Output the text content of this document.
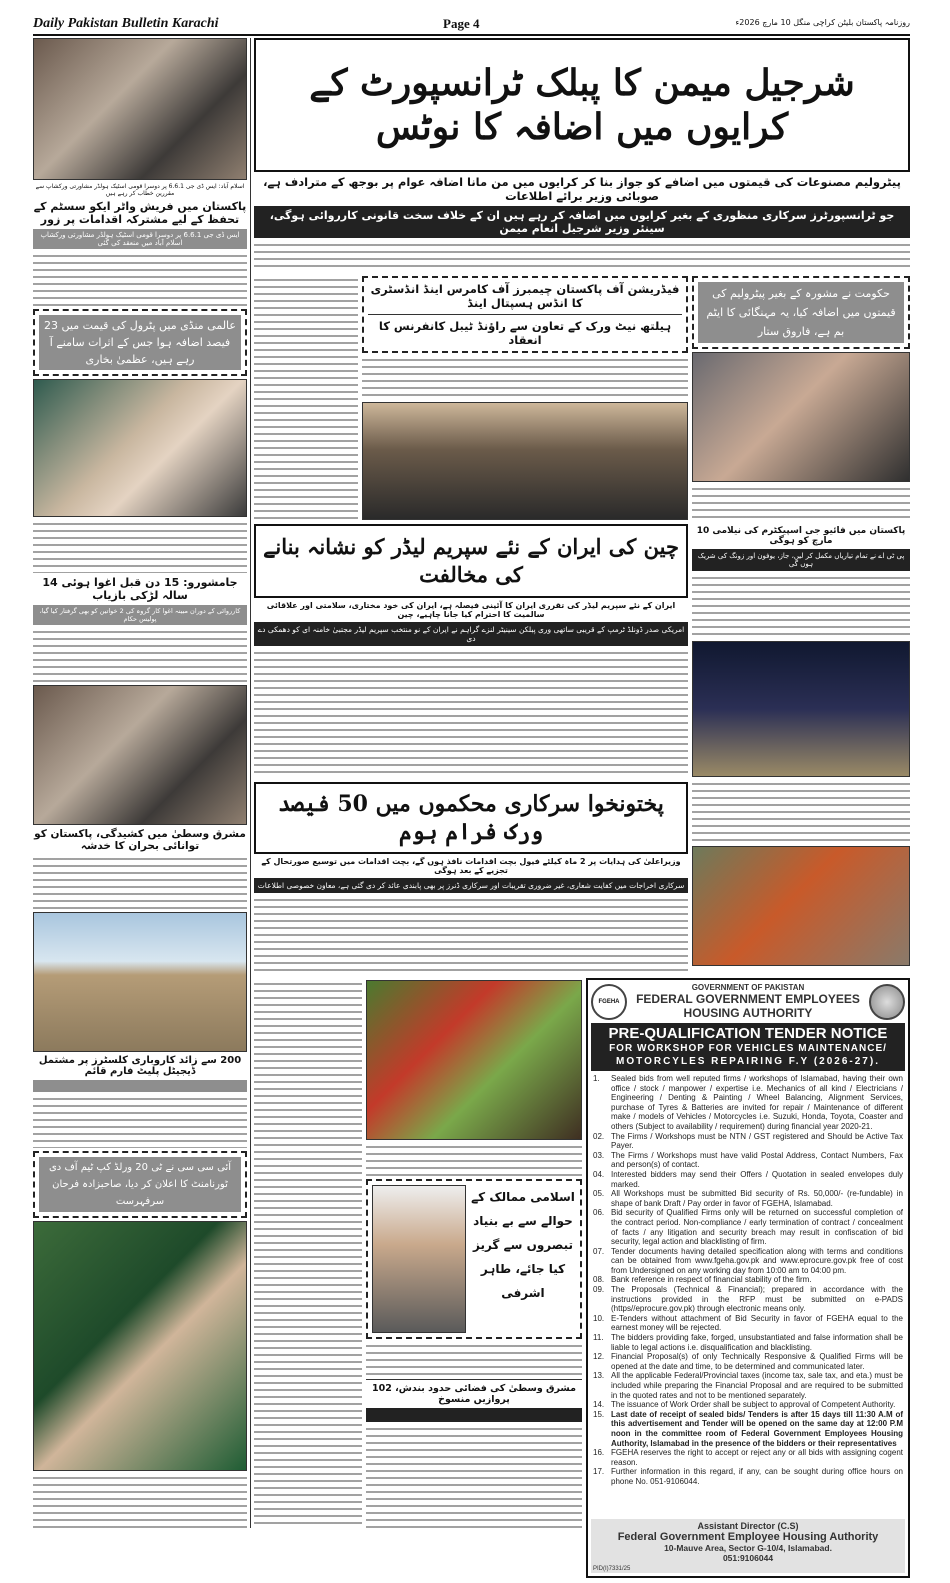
Daily Pakistan Bulletin Karachi	Page 4	روزنامہ پاکستان بلیٹن کراچی منگل 10 مارچ 2026ء
اسلام آباد: ایس ڈی جی 6.6.1 پر دوسرا قومی اسٹیک ہولڈر مشاورتی ورکشاپ سے مقررین خطاب کر رہے ہیں
پاکستان میں فریش واٹر ایکو سسٹم کے تحفظ کے لیے مشترکہ اقدامات پر زور
ایس ڈی جی 6.6.1 پر دوسرا قومی اسٹیک ہولڈر مشاورتی ورکشاپ اسلام آباد میں منعقد کی گئی
عالمی منڈی میں پٹرول کی قیمت میں 23 فیصد اضافہ ہوا جس کے اثرات سامنے آ رہے ہیں، عظمیٰ بخاری
جامشورو: 15 دن قبل اغوا ہوئی 14 سالہ لڑکی بازیاب
کارروائی کے دوران مبینہ اغوا کار گروہ کی 2 خواتین کو بھی گرفتار کیا گیا، پولیس حکام
مشرق وسطیٰ میں کشیدگی، پاکستان کو توانائی بحران کا خدشہ
200 سے زائد کاروباری کلسٹرز پر مشتمل ڈیجیٹل پلیٹ فارم قائم
آئی سی سی نے ٹی 20 ورلڈ کپ ٹیم آف دی ٹورنامنٹ کا اعلان کر دیا، صاحبزادہ فرحان سرفہرست
شرجیل میمن کا پبلک ٹرانسپورٹ کے کرایوں میں اضافہ کا نوٹس
پیٹرولیم مصنوعات کی قیمتوں میں اضافے کو جواز بنا کر کرایوں میں من مانا اضافہ عوام پر بوجھ کے مترادف ہے، صوبائی وزیر برائے اطلاعات
جو ٹرانسپورٹرز سرکاری منظوری کے بغیر کرایوں میں اضافہ کر رہے ہیں ان کے خلاف سخت قانونی کارروائی ہوگی، سینئر وزیر شرجیل انعام میمن
فیڈریشن آف پاکستان چیمبرز آف کامرس اینڈ انڈسٹری کا انڈس ہسپتال اینڈ
ہیلتھ نیٹ ورک کے تعاون سے راؤنڈ ٹیبل کانفرنس کا انعقاد
حکومت نے مشورہ کے بغیر پیٹرولیم کی قیمتوں میں اضافہ کیا، یہ مہنگائی کا ایٹم بم ہے، فاروق ستار
چین کی ایران کے نئے سپریم لیڈر کو نشانہ بنانے کی مخالفت
ایران کے نئے سپریم لیڈر کی تقرری ایران کا آئینی فیصلہ ہے، ایران کی خود مختاری، سلامتی اور علاقائی سالمیت کا احترام کیا جانا چاہیے، چین
امریکی صدر ڈونلڈ ٹرمپ کے قریبی ساتھی وری پبلکن سینیٹر لنزے گراہم نے ایران کے نو منتخب سپریم لیڈر مجتبیٰ خامنہ ای کو دھمکی دے دی
پاکستان میں فائیو جی اسپیکٹرم کی نیلامی 10 مارچ کو ہوگی
پی ٹی اے نے تمام تیاریاں مکمل کر لیں، جاز، یوفون اور زونگ کی شریک ہوں گی
پختونخوا سرکاری محکموں میں 50 فیصد ورک فرام ہوم
وزیراعلیٰ کی ہدایات پر 2 ماہ کیلئے فیول بچت اقدامات نافذ ہوں گے، بچت اقدامات میں توسیع صورتحال کے تجزیے کے بعد ہوگی
سرکاری اخراجات میں کفایت شعاری، غیر ضروری تقریبات اور سرکاری ڈنرز پر بھی پابندی عائد کر دی گئی ہے، معاون خصوصی اطلاعات
اسلامی ممالک کے حوالے سے بے بنیاد تبصروں سے گریز کیا جائے، طاہر اشرفی
مشرق وسطیٰ کی فضائی حدود بندش، 102 پروازیں منسوخ
FGEHA
GOVERNMENT OF PAKISTAN
FEDERAL GOVERNMENT EMPLOYEES
HOUSING AUTHORITY
PRE-QUALIFICATION TENDER NOTICE
FOR WORKSHOP FOR VEHICLES MAINTENANCE/
MOTORCYLES REPAIRING F.Y (2026-27).
1.	Sealed bids from well reputed firms / workshops of Islamabad, having their own office / stock / manpower / expertise i.e. Mechanics of all kind / Electricians / Engineering / Denting & Painting / Wheel Balancing, Alignment Services, purchase of Tyres & Batteries are invited for repair / Maintenance of different make / models of Vehicles / Motorcycles i.e. Suzuki, Honda, Toyota, Coaster and others (Subject to availability / requirement) during financial year 2020-21.
02. The Firms / Workshops must be NTN / GST registered and Should be Active Tax Payer.
03. The Firms / Workshops must have valid Postal Address, Contact Numbers, Fax and person(s) of contact.
04. Interested bidders may send their Offers / Quotation in sealed envelopes duly marked.
05. All Workshops must be submitted Bid security of Rs. 50,000/- (re-fundable) in shape of bank Draft / Pay order in favor of FGEHA, Islamabad.
06. Bid security of Qualified Firms only will be returned on successful completion of the contract period. Non-compliance / early termination of contract / concealment of facts / any litigation and security breach may result in confiscation of bid security, legal action and blacklisting of firm.
07. Tender documents having detailed specification along with terms and conditions can be obtained from www.fgeha.gov.pk and www.eprocure.gov.pk free of cost from Undersigned on any working day from 10:00 am to 04:00 pm.
08. Bank reference in respect of financial stability of the firm.
09. The Proposals (Technical & Financial); prepared in accordance with the instructions provided in the RFP must be submitted on e-PADS (https//eprocure.gov.pk) through electronic means only.
10. E-Tenders without attachment of Bid Security in favor of FGEHA equal to the earnest money will be rejected.
11. The bidders providing fake, forged, unsubstantiated and false information shall be liable to legal actions i.e. disqualification and blacklisting.
12. Financial Proposal(s) of only Technically Responsive & Qualified Firms will be opened at the date and time, to be determined and communicated later.
13. All the applicable Federal/Provincial taxes (income tax, sale tax, and eta.) must be included while preparing the Financial Proposal and are required to be submitted in the quoted rates and not to be mentioned separately.
14. The issuance of Work Order shall be subject to approval of Competent Authority.
15. Last date of receipt of sealed bids/ Tenders is after 15 days till 11:30 A.M of this advertisement and Tender will be opened on the same day at 12:00 P.M noon in the committee room of Federal Government Employees Housing Authority, Islamabad in the presence of the bidders or their representatives
16. FGEHA reserves the right to accept or reject any or all bids with assigning cogent reason.
17. Further information in this regard, if any, can be sought during office hours on phone No. 051-9106044.
Assistant Director (C.S)
Federal Government Employee Housing Authority
10-Mauve Area, Sector G-10/4, Islamabad.
051:9106044
PID(I)7331/25
